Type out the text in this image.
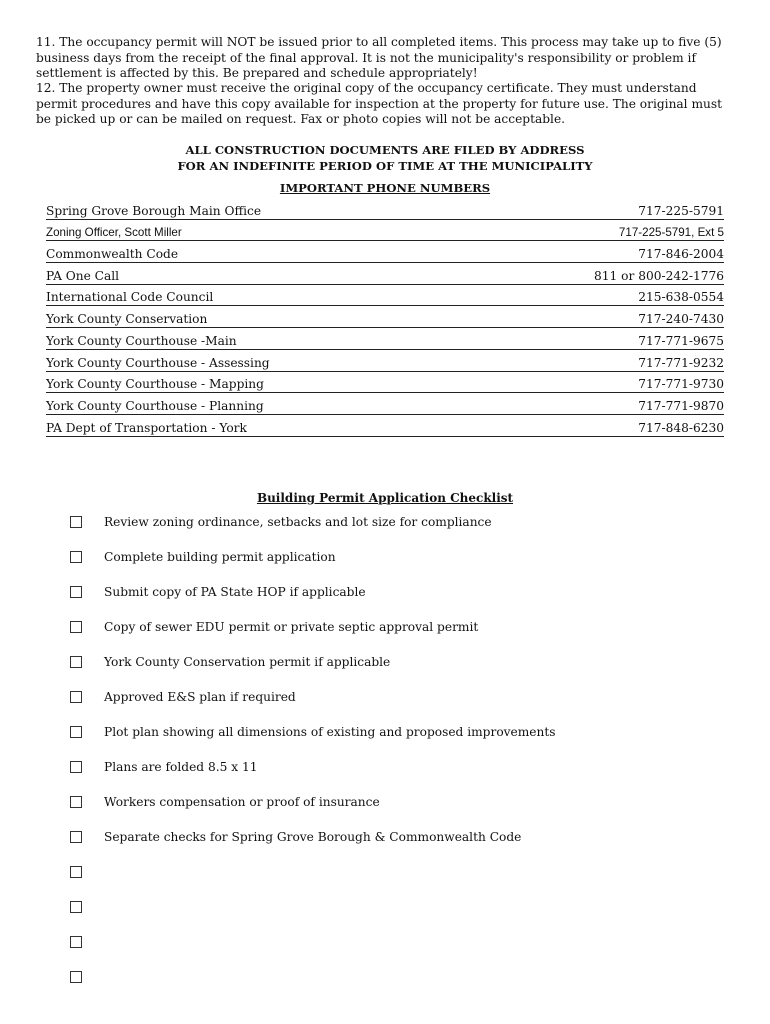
11. The occupancy permit will NOT be issued prior to all completed items. This process may take up to five (5) business days from the receipt of the final approval. It is not the municipality's responsibility or problem if settlement is affected by this. Be prepared and schedule appropriately!

12. The property owner must receive the original copy of the occupancy certificate. They must understand permit procedures and have this copy available for inspection at the property for future use. The original must be picked up or can be mailed on request. Fax or photo copies will not be acceptable.

ALL CONSTRUCTION DOCUMENTS ARE FILED BY ADDRESS

FOR AN INDEFINITE PERIOD OF TIME AT THE MUNICIPALITY

IMPORTANT PHONE NUMBERS

Spring Grove Borough Main Office	717-225-5791
Zoning Officer, Scott Miller	717-225-5791, Ext 5
Commonwealth Code	717-846-2004
PA One Call	811 or 800-242-1776
International Code Council	215-638-0554
York County Conservation	717-240-7430
York County Courthouse -Main	717-771-9675
York County Courthouse - Assessing	717-771-9232
York County Courthouse - Mapping	717-771-9730
York County Courthouse - Planning	717-771-9870
PA Dept of Transportation - York	717-848-6230

Building Permit Application Checklist

Review zoning ordinance, setbacks and lot size for compliance
Complete building permit application
Submit copy of PA State HOP if applicable
Copy of sewer EDU permit or private septic approval permit
York County Conservation permit if applicable
Approved E&S plan if required
Plot plan showing all dimensions of existing and proposed improvements
Plans are folded 8.5 x 11
Workers compensation or proof of insurance
Separate checks for Spring Grove Borough & Commonwealth Code
